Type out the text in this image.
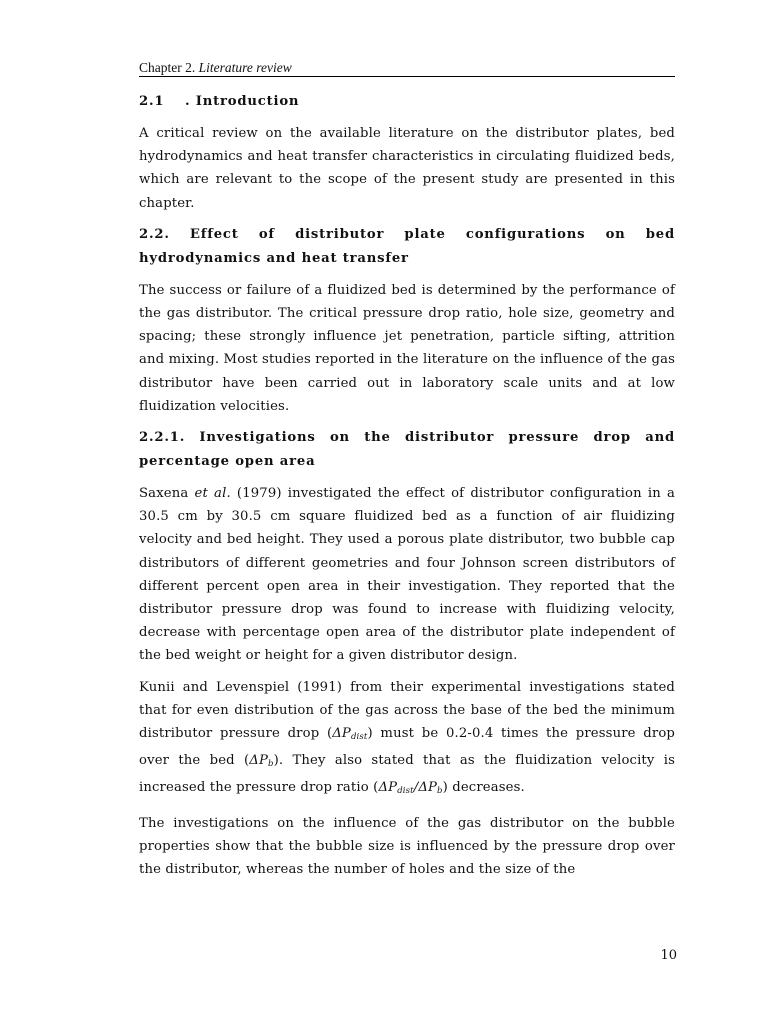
Chapter 2. Literature review
2.1 . Introduction

A critical review on the available literature on the distributor plates, bed hydrodynamics and heat transfer characteristics in circulating fluidized beds, which are relevant to the scope of the present study are presented in this chapter.

2.2. Effect of distributor plate configurations on bed hydrodynamics and heat transfer

The success or failure of a fluidized bed is determined by the performance of the gas distributor. The critical pressure drop ratio, hole size, geometry and spacing; these strongly influence jet penetration, particle sifting, attrition and mixing. Most studies reported in the literature on the influence of the gas distributor have been carried out in laboratory scale units and at low fluidization velocities.

2.2.1. Investigations on the distributor pressure drop and percentage open area

Saxena et al. (1979) investigated the effect of distributor configuration in a 30.5 cm by 30.5 cm square fluidized bed as a function of air fluidizing velocity and bed height. They used a porous plate distributor, two bubble cap distributors of different geometries and four Johnson screen distributors of different percent open area in their investigation. They reported that the distributor pressure drop was found to increase with fluidizing velocity, decrease with percentage open area of the distributor plate independent of the bed weight or height for a given distributor design.

Kunii and Levenspiel (1991) from their experimental investigations stated that for even distribution of the gas across the base of the bed the minimum distributor pressure drop $(\Delta P_{dist})$ must be 0.2-0.4 times the pressure drop over the bed $(\Delta P_b)$. They also stated that as the fluidization velocity is increased the pressure drop ratio $(\Delta P_{dist}/\Delta P_b)$ decreases.

The investigations on the influence of the gas distributor on the bubble properties show that the bubble size is influenced by the pressure drop over the distributor, whereas the number of holes and the size of the

10
